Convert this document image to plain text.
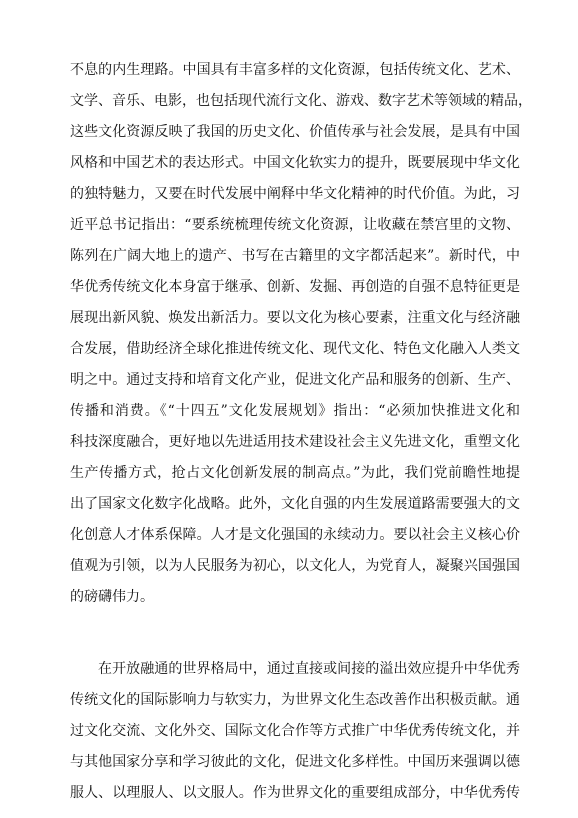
不息的内生理路。中国具有丰富多样的文化资源，包括传统文化、艺术、
文学、音乐、电影，也包括现代流行文化、游戏、数字艺术等领域的精品，
这些文化资源反映了我国的历史文化、价值传承与社会发展，是具有中国
风格和中国艺术的表达形式。中国文化软实力的提升，既要展现中华文化
的独特魅力，又要在时代发展中阐释中华文化精神的时代价值。为此，习
近平总书记指出：“要系统梳理传统文化资源，让收藏在禁宫里的文物、
陈列在广阔大地上的遗产、书写在古籍里的文字都活起来”。新时代，中
华优秀传统文化本身富于继承、创新、发掘、再创造的自强不息特征更是
展现出新风貌、焕发出新活力。要以文化为核心要素，注重文化与经济融
合发展，借助经济全球化推进传统文化、现代文化、特色文化融入人类文
明之中。通过支持和培育文化产业，促进文化产品和服务的创新、生产、
传播和消费。《“十四五”文化发展规划》指出：“必须加快推进文化和
科技深度融合，更好地以先进适用技术建设社会主义先进文化，重塑文化
生产传播方式，抢占文化创新发展的制高点。”为此，我们党前瞻性地提
出了国家文化数字化战略。此外，文化自强的内生发展道路需要强大的文
化创意人才体系保障。人才是文化强国的永续动力。要以社会主义核心价
值观为引领，以为人民服务为初心，以文化人，为党育人，凝聚兴国强国
的磅礴伟力。
在开放融通的世界格局中，通过直接或间接的溢出效应提升中华优秀
传统文化的国际影响力与软实力，为世界文化生态改善作出积极贡献。通
过文化交流、文化外交、国际文化合作等方式推广中华优秀传统文化，并
与其他国家分享和学习彼此的文化，促进文化多样性。中国历来强调以德
服人、以理服人、以文服人。作为世界文化的重要组成部分，中华优秀传
